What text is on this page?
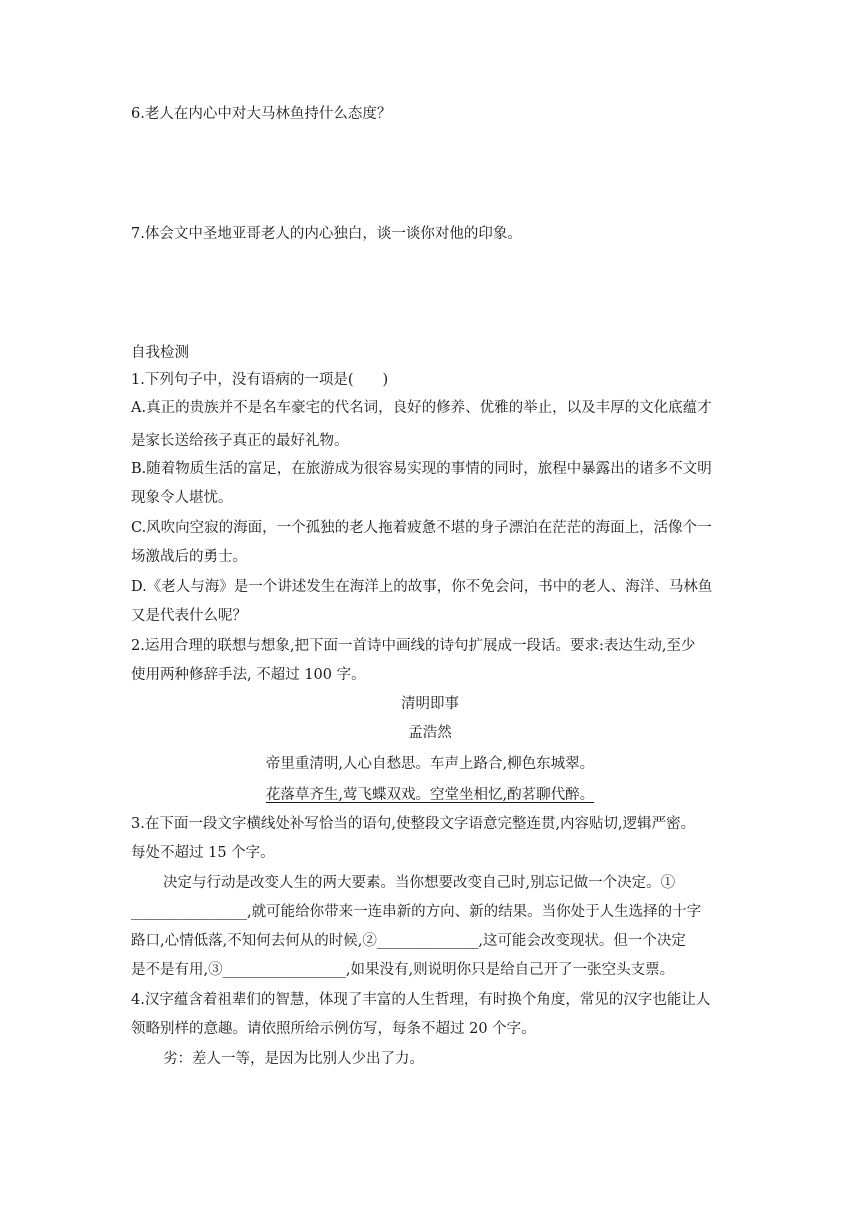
6.老人在内心中对大马林鱼持什么态度？
7.体会文中圣地亚哥老人的内心独白，谈一谈你对他的印象。
自我检测
1.下列句子中，没有语病的一项是(　　)
A.真正的贵族并不是名车豪宅的代名词，良好的修养、优雅的举止，以及丰厚的文化底蕴才
是家长送给孩子真正的最好礼物。
B.随着物质生活的富足，在旅游成为很容易实现的事情的同时，旅程中暴露出的诸多不文明
现象令人堪忧。
C.风吹向空寂的海面，一个孤独的老人拖着疲惫不堪的身子漂泊在茫茫的海面上，活像个一
场激战后的勇士。
D.《老人与海》是一个讲述发生在海洋上的故事，你不免会问，书中的老人、海洋、马林鱼
又是代表什么呢？
2.运用合理的联想与想象,把下面一首诗中画线的诗句扩展成一段话。要求:表达生动,至少
使用两种修辞手法, 不超过 100 字。
清明即事
孟浩然
帝里重清明,人心自愁思。车声上路合,柳色东城翠。
花落草齐生,莺飞蝶双戏。空堂坐相忆,酌茗聊代醉。
3.在下面一段文字横线处补写恰当的语句,使整段文字语意完整连贯,内容贴切,逻辑严密。
每处不超过 15 个字。
决定与行动是改变人生的两大要素。当你想要改变自己时,别忘记做一个决定。①
________________,就可能给你带来一连串新的方向、新的结果。当你处于人生选择的十字
路口,心情低落,不知何去何从的时候,②______________,这可能会改变现状。但一个决定
是不是有用,③_________________,如果没有,则说明你只是给自己开了一张空头支票。
4.汉字蕴含着祖辈们的智慧，体现了丰富的人生哲理，有时换个角度，常见的汉字也能让人
领略别样的意趣。请依照所给示例仿写，每条不超过 20 个字。
劣：差人一等，是因为比别人少出了力。
